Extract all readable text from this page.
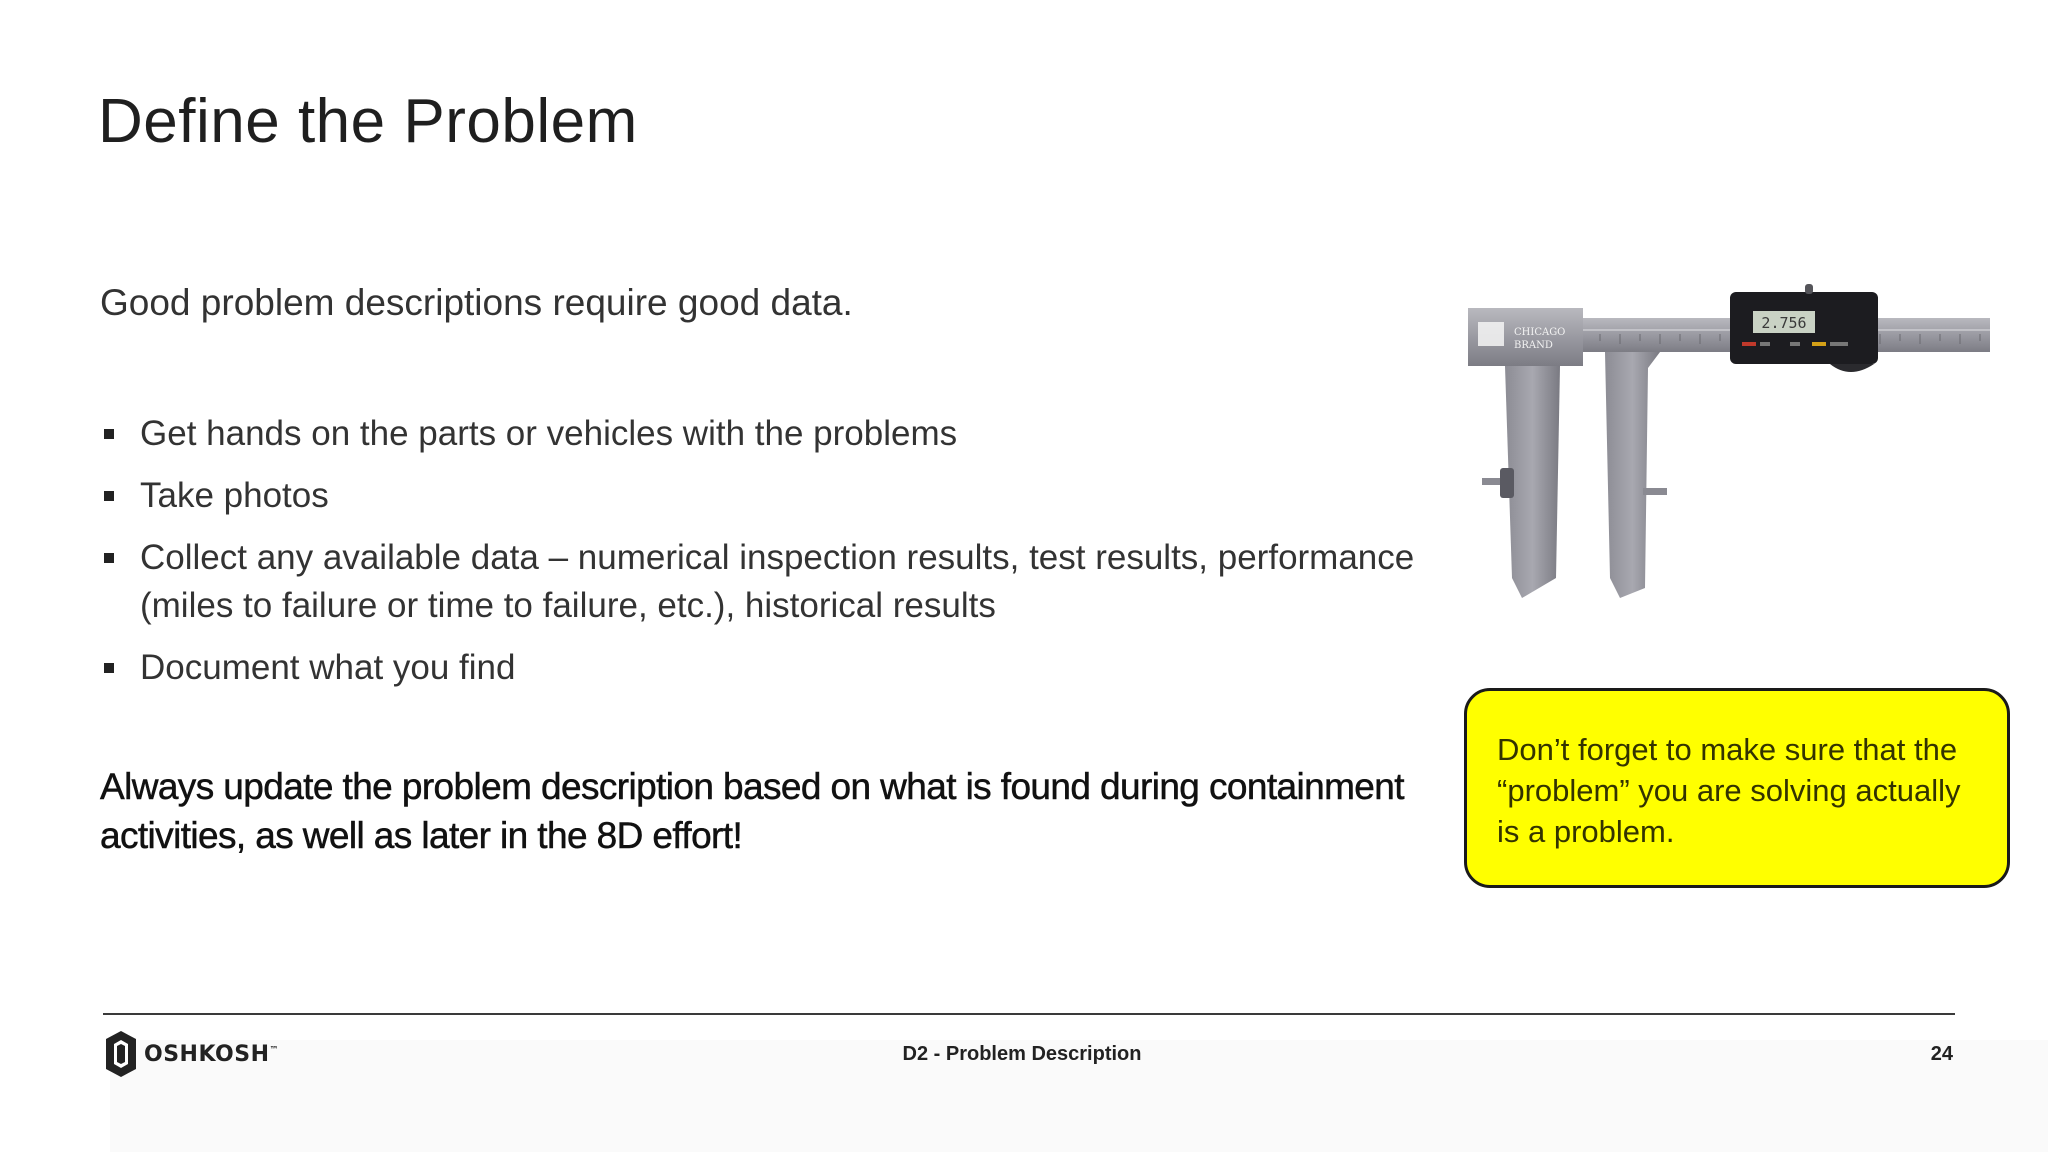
Define the Problem
Good problem descriptions require good data.
Get hands on the parts or vehicles with the problems
Take photos
Collect any available data – numerical inspection results, test results, performance (miles to failure or time to failure, etc.), historical results
Document what you find
Always update the problem description based on what is found during containment activities, as well as later in the 8D effort!
CHICAGO
BRAND
2.756
Don’t forget to make sure that the “problem” you are solving actually is a problem.
OSHKOSH™	D2 - Problem Description	24
